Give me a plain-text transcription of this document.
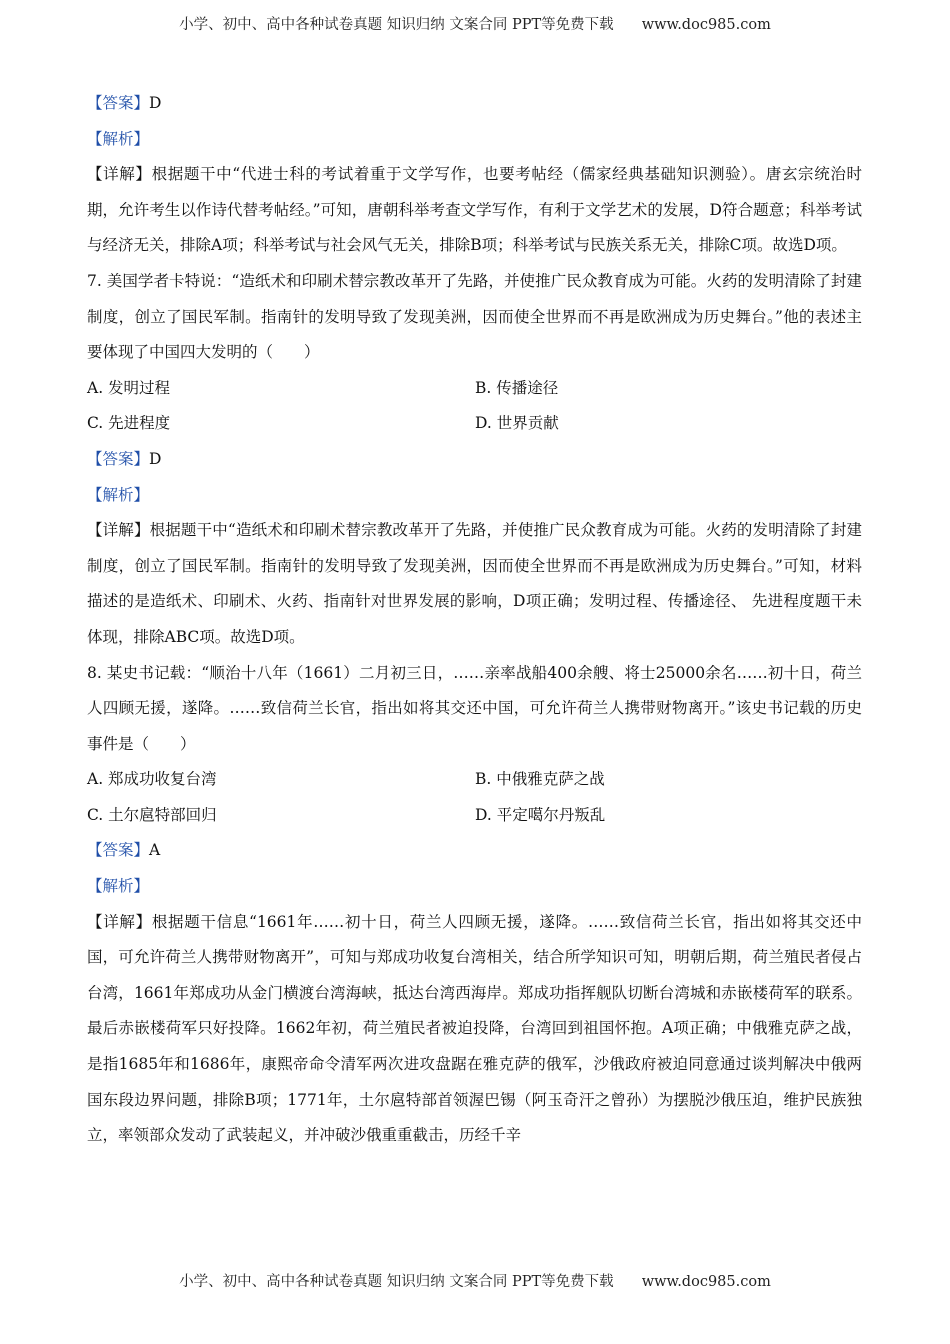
小学、初中、高中各种试卷真题 知识归纳 文案合同 PPT等免费下载 www.doc985.com

【答案】D

【解析】

【详解】根据题干中“代进士科的考试着重于文学写作，也要考帖经（儒家经典基础知识测验）。唐玄宗统治时期，允许考生以作诗代替考帖经。”可知，唐朝科举考查文学写作，有利于文学艺术的发展，D符合题意；科举考试与经济无关，排除A项；科举考试与社会风气无关，排除B项；科举考试与民族关系无关，排除C项。故选D项。

7. 美国学者卡特说：“造纸术和印刷术替宗教改革开了先路，并使推广民众教育成为可能。火药的发明清除了封建制度，创立了国民军制。指南针的发明导致了发现美洲，因而使全世界而不再是欧洲成为历史舞台。”他的表述主要体现了中国四大发明的（　　）

A. 发明过程	B. 传播途径
C. 先进程度	D. 世界贡献

【答案】D

【解析】

【详解】根据题干中“造纸术和印刷术替宗教改革开了先路，并使推广民众教育成为可能。火药的发明清除了封建制度，创立了国民军制。指南针的发明导致了发现美洲，因而使全世界而不再是欧洲成为历史舞台。”可知，材料描述的是造纸术、印刷术、火药、指南针对世界发展的影响，D项正确；发明过程、传播途径、 先进程度题干未体现，排除ABC项。故选D项。

8. 某史书记载：“顺治十八年（1661）二月初三日，……亲率战船400余艘、将士25000余名……初十日，荷兰人四顾无援，遂降。……致信荷兰长官，指出如将其交还中国，可允许荷兰人携带财物离开。”该史书记载的历史事件是（　　）

A. 郑成功收复台湾	B. 中俄雅克萨之战
C. 土尔扈特部回归	D. 平定噶尔丹叛乱

【答案】A

【解析】

【详解】根据题干信息“1661年……初十日，荷兰人四顾无援，遂降。……致信荷兰长官，指出如将其交还中国，可允许荷兰人携带财物离开”，可知与郑成功收复台湾相关，结合所学知识可知，明朝后期，荷兰殖民者侵占台湾，1661年郑成功从金门横渡台湾海峡，抵达台湾西海岸。郑成功指挥舰队切断台湾城和赤嵌楼荷军的联系。最后赤嵌楼荷军只好投降。1662年初，荷兰殖民者被迫投降，台湾回到祖国怀抱。A项正确；中俄雅克萨之战，是指1685年和1686年，康熙帝命令清军两次进攻盘踞在雅克萨的俄军，沙俄政府被迫同意通过谈判解决中俄两国东段边界问题，排除B项；1771年，土尔扈特部首领渥巴锡（阿玉奇汗之曾孙）为摆脱沙俄压迫，维护民族独立，率领部众发动了武装起义，并冲破沙俄重重截击，历经千辛

小学、初中、高中各种试卷真题 知识归纳 文案合同 PPT等免费下载 www.doc985.com
